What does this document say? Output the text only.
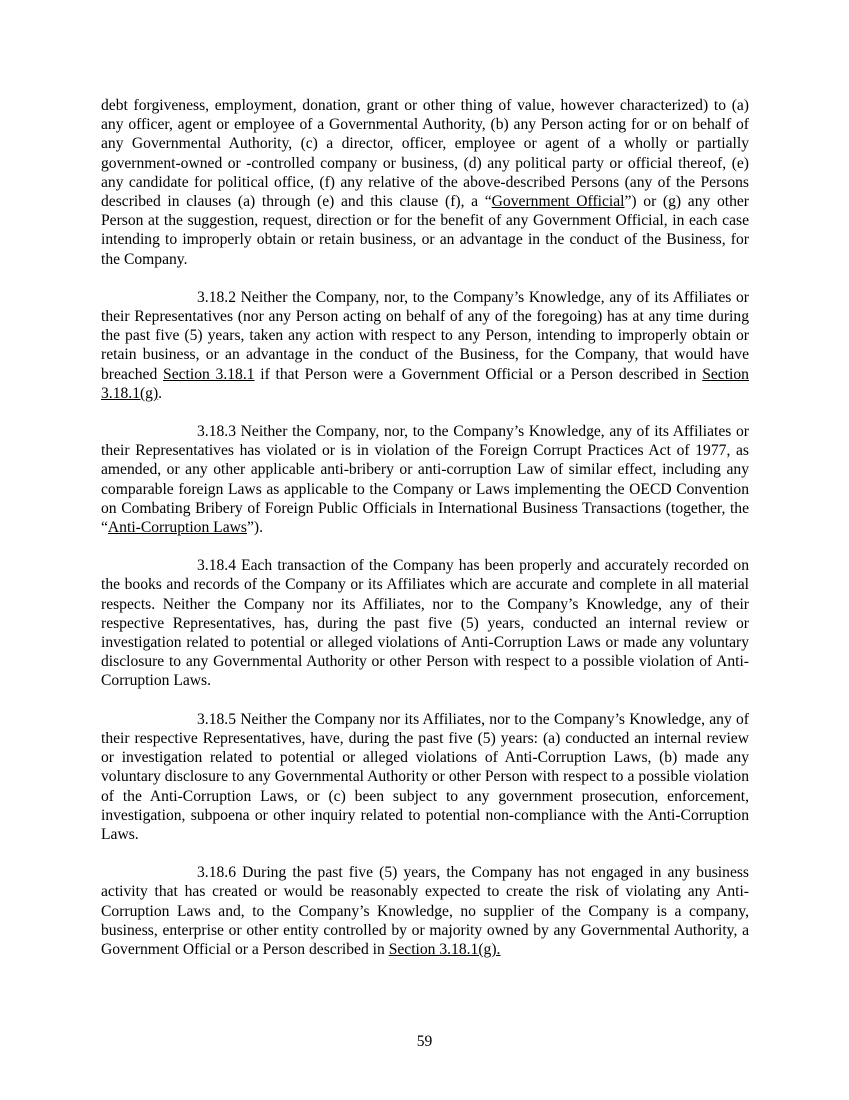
debt forgiveness, employment, donation, grant or other thing of value, however characterized) to (a) any officer, agent or employee of a Governmental Authority, (b) any Person acting for or on behalf of any Governmental Authority, (c) a director, officer, employee or agent of a wholly or partially government-owned or -controlled company or business, (d) any political party or official thereof, (e) any candidate for political office, (f) any relative of the above-described Persons (any of the Persons described in clauses (a) through (e) and this clause (f), a “Government Official”) or (g) any other Person at the suggestion, request, direction or for the benefit of any Government Official, in each case intending to improperly obtain or retain business, or an advantage in the conduct of the Business, for the Company.

3.18.2 Neither the Company, nor, to the Company’s Knowledge, any of its Affiliates or their Representatives (nor any Person acting on behalf of any of the foregoing) has at any time during the past five (5) years, taken any action with respect to any Person, intending to improperly obtain or retain business, or an advantage in the conduct of the Business, for the Company, that would have breached Section 3.18.1 if that Person were a Government Official or a Person described in Section 3.18.1(g).

3.18.3 Neither the Company, nor, to the Company’s Knowledge, any of its Affiliates or their Representatives has violated or is in violation of the Foreign Corrupt Practices Act of 1977, as amended, or any other applicable anti-bribery or anti-corruption Law of similar effect, including any comparable foreign Laws as applicable to the Company or Laws implementing the OECD Convention on Combating Bribery of Foreign Public Officials in International Business Transactions (together, the “Anti-Corruption Laws”).

3.18.4 Each transaction of the Company has been properly and accurately recorded on the books and records of the Company or its Affiliates which are accurate and complete in all material respects. Neither the Company nor its Affiliates, nor to the Company’s Knowledge, any of their respective Representatives, has, during the past five (5) years, conducted an internal review or investigation related to potential or alleged violations of Anti-Corruption Laws or made any voluntary disclosure to any Governmental Authority or other Person with respect to a possible violation of Anti-Corruption Laws.

3.18.5 Neither the Company nor its Affiliates, nor to the Company’s Knowledge, any of their respective Representatives, have, during the past five (5) years: (a) conducted an internal review or investigation related to potential or alleged violations of Anti-Corruption Laws, (b) made any voluntary disclosure to any Governmental Authority or other Person with respect to a possible violation of the Anti-Corruption Laws, or (c) been subject to any government prosecution, enforcement, investigation, subpoena or other inquiry related to potential non-compliance with the Anti-Corruption Laws.

3.18.6 During the past five (5) years, the Company has not engaged in any business activity that has created or would be reasonably expected to create the risk of violating any Anti-Corruption Laws and, to the Company’s Knowledge, no supplier of the Company is a company, business, enterprise or other entity controlled by or majority owned by any Governmental Authority, a Government Official or a Person described in Section 3.18.1(g).

59
